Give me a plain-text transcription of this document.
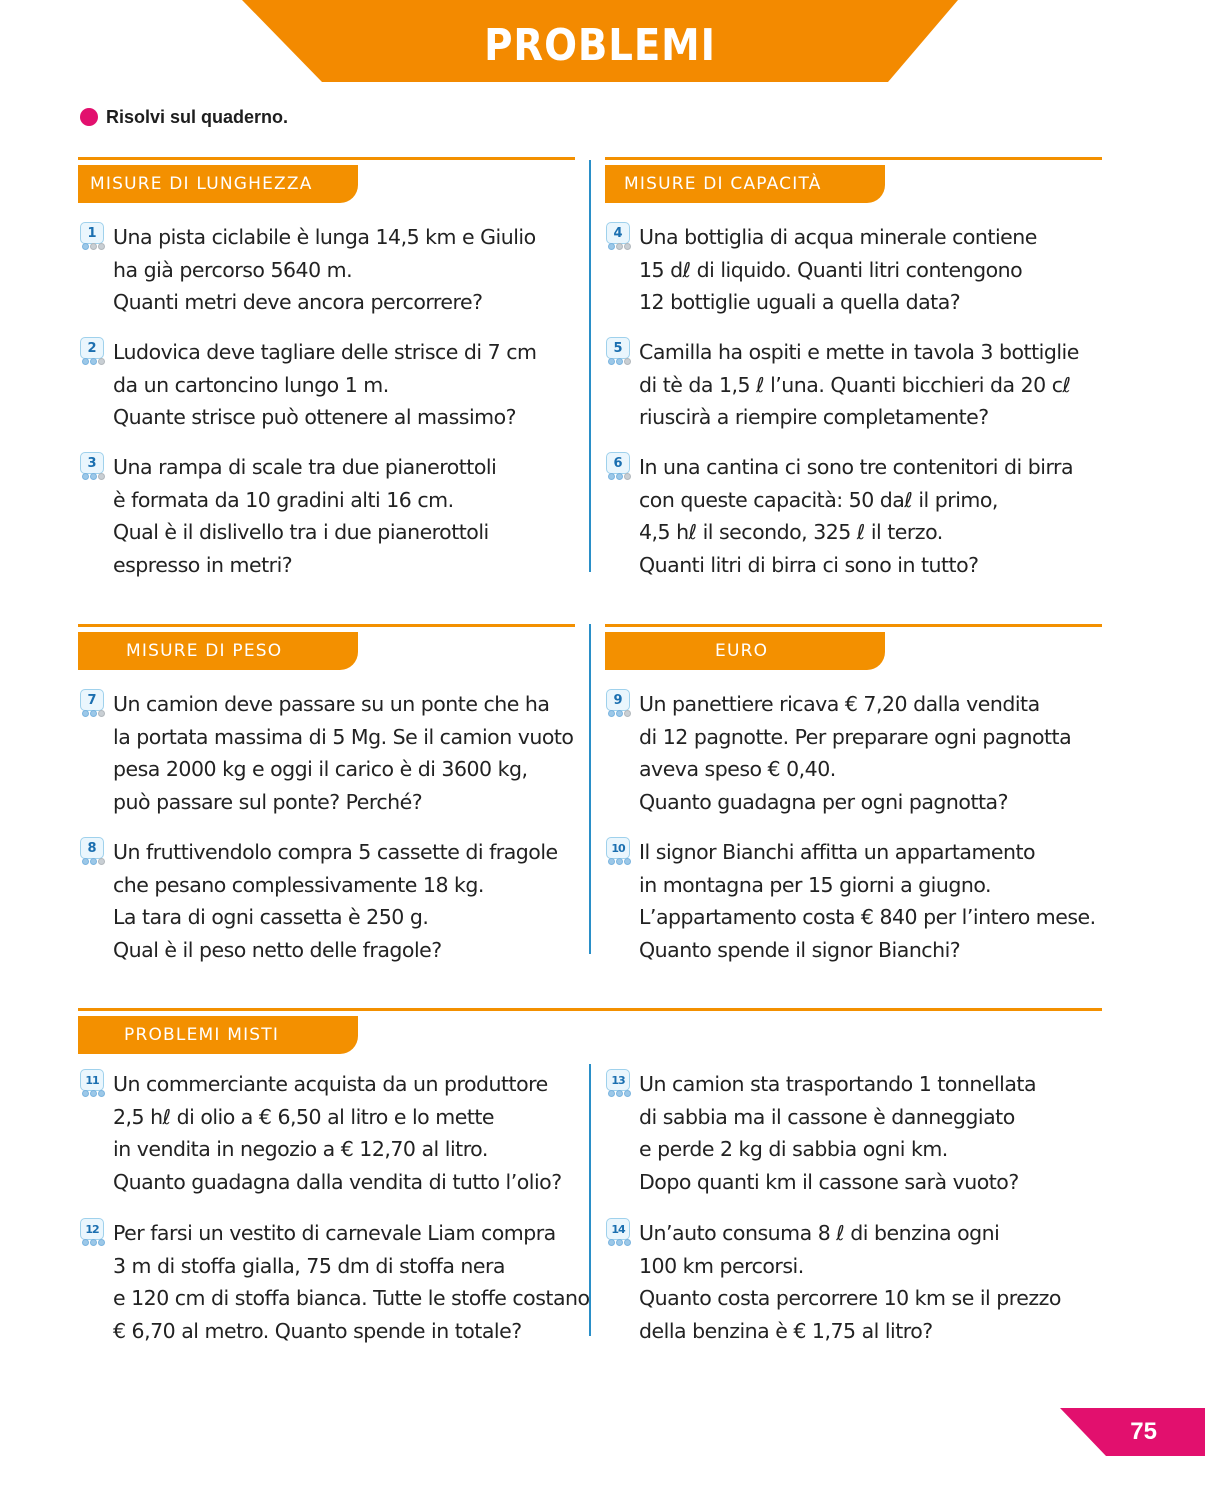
PROBLEMI
Risolvi sul quaderno.
MISURE DI LUNGHEZZA
1 Una pista ciclabile è lunga 14,5 km e Giulio
ha già percorso 5640 m.
Quanti metri deve ancora percorrere?
2 Ludovica deve tagliare delle strisce di 7 cm
da un cartoncino lungo 1 m.
Quante strisce può ottenere al massimo?
3 Una rampa di scale tra due pianerottoli
è formata da 10 gradini alti 16 cm.
Qual è il dislivello tra i due pianerottoli
espresso in metri?
MISURE DI CAPACITÀ
4 Una bottiglia di acqua minerale contiene
15 dℓ di liquido. Quanti litri contengono
12 bottiglie uguali a quella data?
5 Camilla ha ospiti e mette in tavola 3 bottiglie
di tè da 1,5 ℓ l’una. Quanti bicchieri da 20 cℓ
riuscirà a riempire completamente?
6 In una cantina ci sono tre contenitori di birra
con queste capacità: 50 daℓ il primo,
4,5 hℓ il secondo, 325 ℓ il terzo.
Quanti litri di birra ci sono in tutto?
MISURE DI PESO
7 Un camion deve passare su un ponte che ha
la portata massima di 5 Mg. Se il camion vuoto
pesa 2000 kg e oggi il carico è di 3600 kg,
può passare sul ponte? Perché?
8 Un fruttivendolo compra 5 cassette di fragole
che pesano complessivamente 18 kg.
La tara di ogni cassetta è 250 g.
Qual è il peso netto delle fragole?
EURO
9 Un panettiere ricava € 7,20 dalla vendita
di 12 pagnotte. Per preparare ogni pagnotta
aveva speso € 0,40.
Quanto guadagna per ogni pagnotta?
10 Il signor Bianchi affitta un appartamento
in montagna per 15 giorni a giugno.
L’appartamento costa € 840 per l’intero mese.
Quanto spende il signor Bianchi?
PROBLEMI MISTI
11 Un commerciante acquista da un produttore
2,5 hℓ di olio a € 6,50 al litro e lo mette
in vendita in negozio a € 12,70 al litro.
Quanto guadagna dalla vendita di tutto l’olio?
12 Per farsi un vestito di carnevale Liam compra
3 m di stoffa gialla, 75 dm di stoffa nera
e 120 cm di stoffa bianca. Tutte le stoffe costano
€ 6,70 al metro. Quanto spende in totale?
13 Un camion sta trasportando 1 tonnellata
di sabbia ma il cassone è danneggiato
e perde 2 kg di sabbia ogni km.
Dopo quanti km il cassone sarà vuoto?
14 Un’auto consuma 8 ℓ di benzina ogni
100 km percorsi.
Quanto costa percorrere 10 km se il prezzo
della benzina è € 1,75 al litro?
75
